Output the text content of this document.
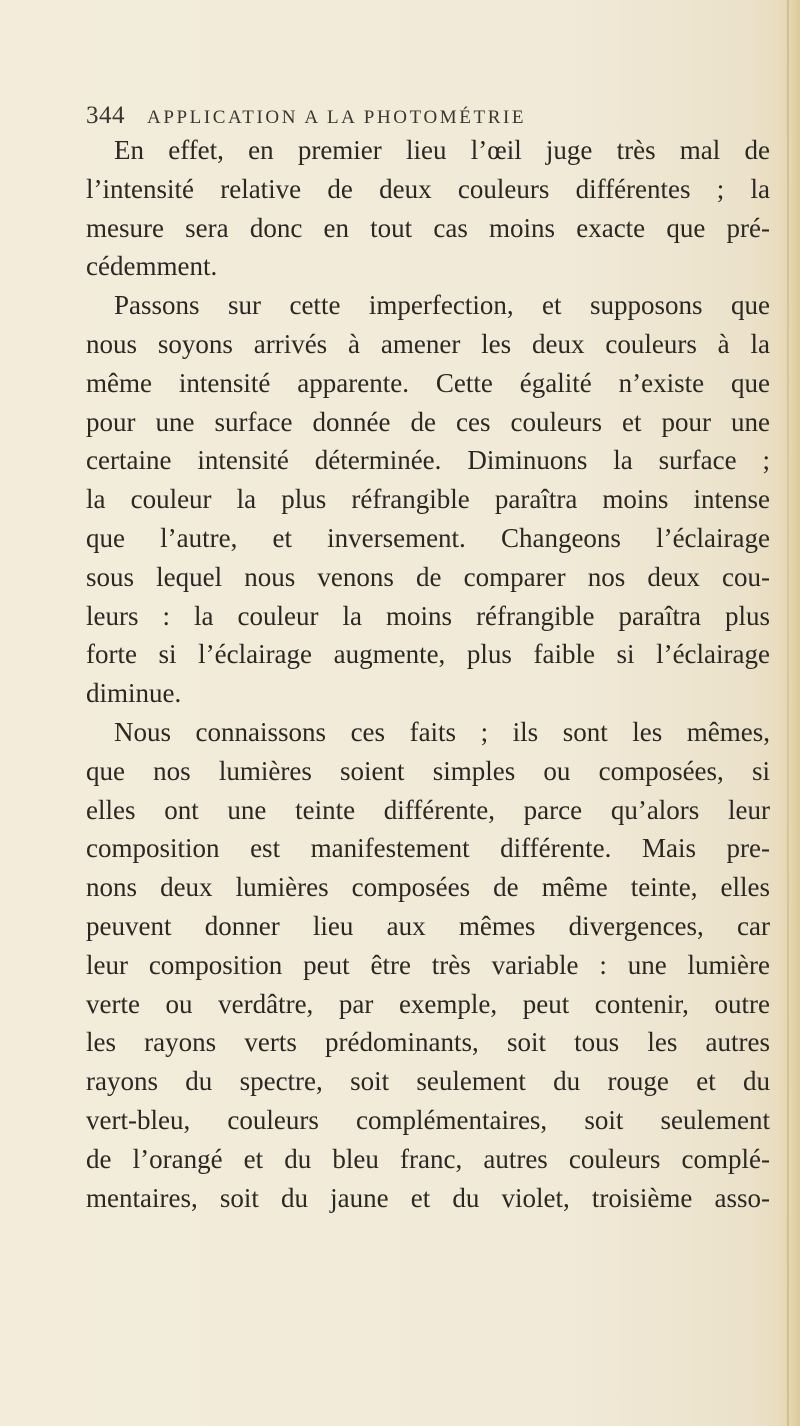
344 APPLICATION A LA PHOTOMÉTRIE
En effet, en premier lieu l’œil juge très mal de
l’intensité relative de deux couleurs différentes ; la
mesure sera donc en tout cas moins exacte que pré-
cédemment.
Passons sur cette imperfection, et supposons que
nous soyons arrivés à amener les deux couleurs à la
même intensité apparente. Cette égalité n’existe que
pour une surface donnée de ces couleurs et pour une
certaine intensité déterminée. Diminuons la surface ;
la couleur la plus réfrangible paraîtra moins intense
que l’autre, et inversement. Changeons l’éclairage
sous lequel nous venons de comparer nos deux cou-
leurs : la couleur la moins réfrangible paraîtra plus
forte si l’éclairage augmente, plus faible si l’éclairage
diminue.
Nous connaissons ces faits ; ils sont les mêmes,
que nos lumières soient simples ou composées, si
elles ont une teinte différente, parce qu’alors leur
composition est manifestement différente. Mais pre-
nons deux lumières composées de même teinte, elles
peuvent donner lieu aux mêmes divergences, car
leur composition peut être très variable : une lumière
verte ou verdâtre, par exemple, peut contenir, outre
les rayons verts prédominants, soit tous les autres
rayons du spectre, soit seulement du rouge et du
vert-bleu, couleurs complémentaires, soit seulement
de l’orangé et du bleu franc, autres couleurs complé-
mentaires, soit du jaune et du violet, troisième asso-
